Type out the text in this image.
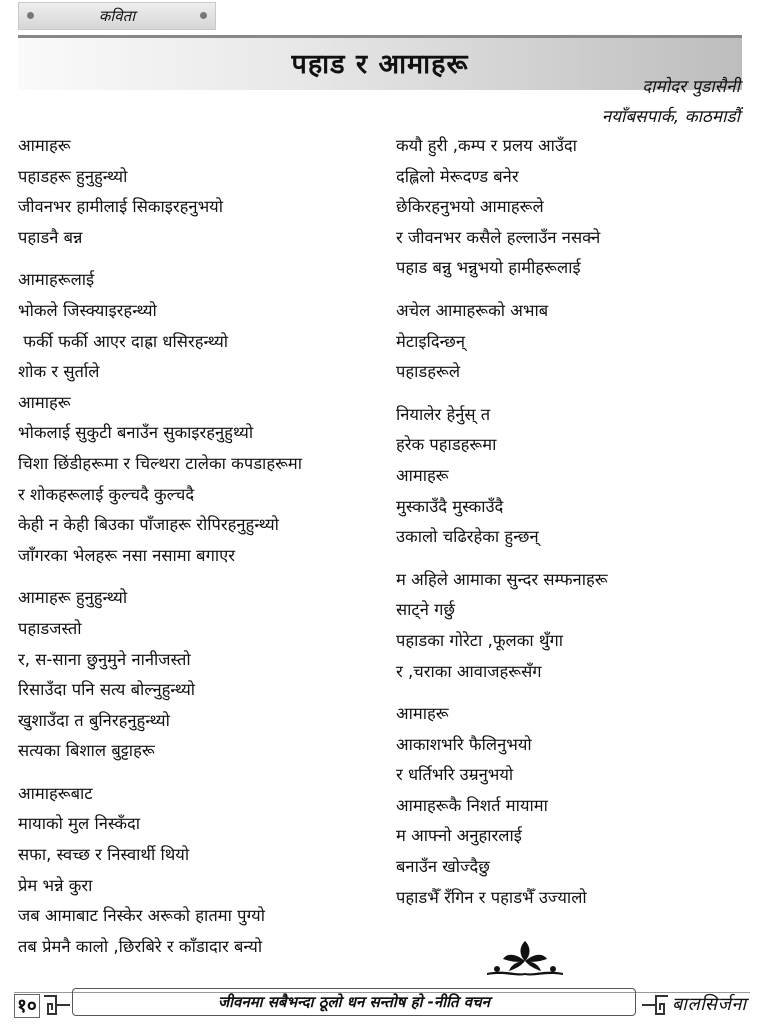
कविता
पहाड र आमाहरू
दामोदर पुडासैनी
नयाँबसपार्क, काठमाडौं
आमाहरू
पहाडहरू हुनुहुन्थ्यो
जीवनभर हामीलाई सिकाइरहनुभयो
पहाडनै बन्न
आमाहरूलाई
भोकले जिस्क्याइरहन्थ्यो
फर्की फर्की आएर दाह्रा धसिरहन्थ्यो
शोक र सुर्ताले
आमाहरू
भोकलाई सुकुटी बनाउँन सुकाइरहनुहुथ्यो
चिशा छिंडीहरूमा र चिल्थरा टालेका कपडाहरूमा
र शोकहरूलाई कुल्चदै कुल्चदै
केही न केही बिउका पाँजाहरू रोपिरहनुहुन्थ्यो
जाँगरका भेलहरू नसा नसामा बगाएर
आमाहरू हुनुहुन्थ्यो
पहाडजस्तो
र, स-साना छुनुमुने नानीजस्तो
रिसाउँदा पनि सत्य बोल्नुहुन्थ्यो
खुशाउँदा त बुनिरहनुहुन्थ्यो
सत्यका बिशाल बुट्टाहरू
आमाहरूबाट
मायाको मुल निस्कँदा
सफा, स्वच्छ र निस्वार्थी थियो
प्रेम भन्ने कुरा
जब आमाबाट निस्केर अरूको हातमा पुग्यो
तब प्रेमनै कालो ,छिरबिरे र काँडादार बन्यो
कयौ हुरी ,कम्प र प्रलय आउँदा
दह्लिलो मेरूदण्ड बनेर
छेकिरहनुभयो आमाहरूले
र जीवनभर कसैले हल्लाउँन नसक्ने
पहाड बन्नु भन्नुभयो हामीहरूलाई
अचेल आमाहरूको अभाब
मेटाइदिन्छन्
पहाडहरूले
नियालेर हेर्नुस् त
हरेक पहाडहरूमा
आमाहरू
मुस्काउँदै मुस्काउँदै
उकालो चढिरहेका हुन्छन्
म अहिले आमाका सुन्दर सम्फनाहरू
साट्ने गर्छु
पहाडका गोरेटा ,फूलका थुँगा
र ,चराका आवाजहरूसँग
आमाहरू
आकाशभरि फैलिनुभयो
र धर्तिभरि उम्रनुभयो
आमाहरूकै निशर्त मायामा
म आफ्नो अनुहारलाई
बनाउँन खोज्दैछु
पहाडभैँ रँगिन र पहाडभैँ उज्यालो
१०	जीवनमा सबैभन्दा ठूलो धन सन्तोष हो -नीति वचन	बालसिर्जना
